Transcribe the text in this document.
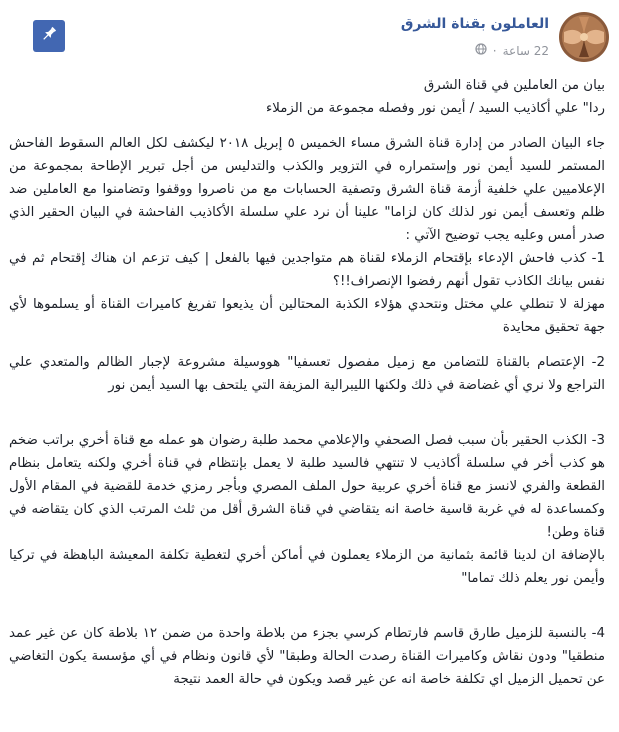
العاملون بقناة الشرق
22 ساعة
·

بيان من العاملين في قناة الشرق

ردا" علي أكاذيب السيد / أيمن نور وفصله مجموعة من الزملاء

جاء البيان الصادر من إدارة قناة الشرق مساء الخميس ٥ إبريل ٢٠١٨ ليكشف لكل العالم السقوط الفاحش المستمر للسيد أيمن نور وإستمراره في التزوير والكذب والتدليس من أجل تبرير الإطاحة بمجموعة من الإعلاميين علي خلفية أزمة قناة الشرق وتصفية الحسابات مع من ناصروا ووقفوا وتضامنوا مع العاملين ضد ظلم وتعسف أيمن نور لذلك كان لزاما" علينا أن نرد علي سلسلة الأكاذيب الفاحشة في البيان الحقير الذي صدر أمس وعليه يجب توضيح الآتي :

1- كذب فاحش الإدعاء بإقتحام الزملاء لقناة هم متواجدين فيها بالفعل | كيف تزعم ان هناك إقتحام ثم في نفس بيانك الكاذب تقول أنهم رفضوا الإنصراف!!؟

مهزلة لا تنطلي علي مختل ونتحدي هؤلاء الكذبة المحتالين أن يذيعوا تفريغ كاميرات القناة أو يسلموها لأي جهة تحقيق محايدة

2- الإعتصام بالقناة للتضامن مع زميل مفصول تعسفيا" هووسيلة مشروعة لإجبار الظالم والمتعدي علي التراجع ولا نري أي غضاضة في ذلك ولكنها الليبرالية المزيفة التي يلتحف بها السيد أيمن نور

3- الكذب الحقير بأن سبب فصل الصحفي والإعلامي محمد طلبة رضوان هو عمله مع قناة أخري براتب ضخم هو كذب أخر في سلسلة أكاذيب لا تنتهي فالسيد طلبة لا يعمل بإنتظام في قناة أخري ولكنه يتعامل بنظام القطعة والفري لانسز مع قناة أخري عربية حول الملف المصري وبأجر رمزي خدمة للقضية في المقام الأول وكمساعدة له في غربة قاسية خاصة انه يتقاضي في قناة الشرق أقل من ثلث المرتب الذي كان يتقاضه في قناة وطن!

بالإضافة ان لدينا قائمة بثمانية من الزملاء يعملون في أماكن أخري لتغطية تكلفة المعيشة الباهظة في تركيا وأيمن نور يعلم ذلك تماما"

4- بالنسبة للزميل طارق قاسم فارتطام كرسي بجزء من بلاطة واحدة من ضمن ١٢ بلاطة كان عن غير عمد منطقيا" ودون نقاش وكاميرات القناة رصدت الحالة وطبقا" لأي قانون ونظام في أي مؤسسة يكون التغاضي عن تحميل الزميل اي تكلفة خاصة انه عن غير قصد ويكون في حالة العمد نتيجة
